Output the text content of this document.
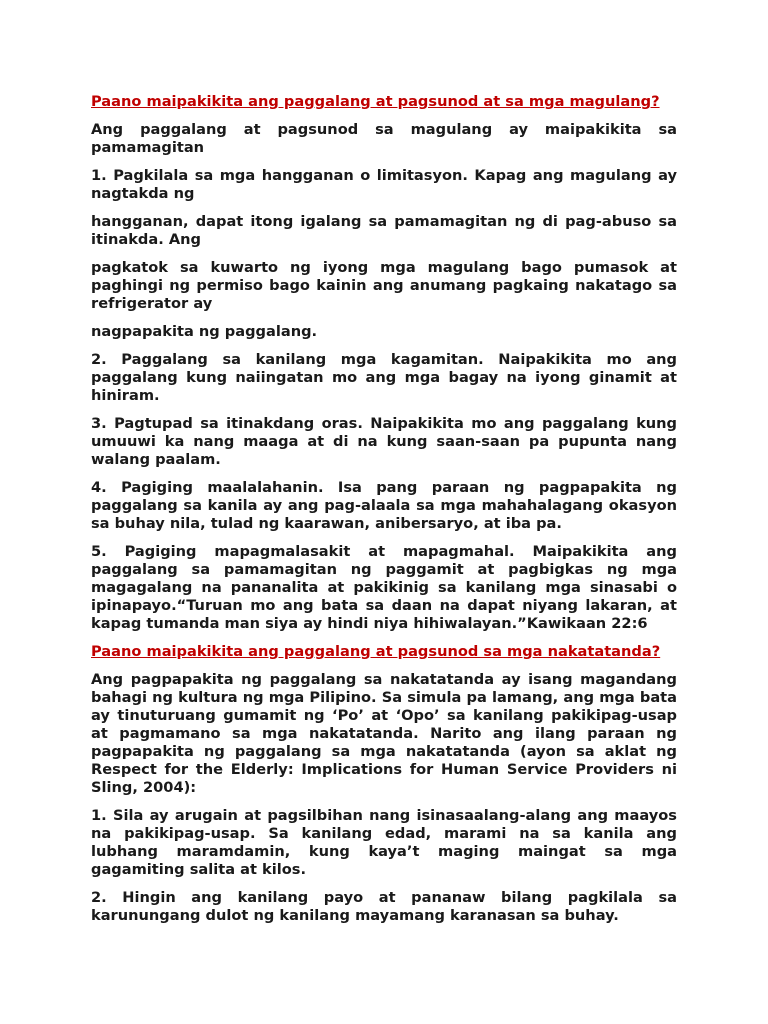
Paano maipakikita ang paggalang at pagsunod at sa mga magulang?

Ang paggalang at pagsunod sa magulang ay maipakikita sa pamamagitan

1. Pagkilala sa mga hangganan o limitasyon. Kapag ang magulang ay nagtakda ng

hangganan, dapat itong igalang sa pamamagitan ng di pag-abuso sa itinakda. Ang

pagkatok sa kuwarto ng iyong mga magulang bago pumasok at paghingi ng permiso bago kainin ang anumang pagkaing nakatago sa refrigerator ay

nagpapakita ng paggalang.

2. Paggalang sa kanilang mga kagamitan. Naipakikita mo ang paggalang kung naiingatan mo ang mga bagay na iyong ginamit at hiniram.

3. Pagtupad sa itinakdang oras. Naipakikita mo ang paggalang kung umuuwi ka nang maaga at di na kung saan-saan pa pupunta nang walang paalam.

4. Pagiging maalalahanin. Isa pang paraan ng pagpapakita ng paggalang sa kanila ay ang pag-alaala sa mga mahahalagang okasyon sa buhay nila, tulad ng kaarawan, anibersaryo, at iba pa.

5. Pagiging mapagmalasakit at mapagmahal. Maipakikita ang paggalang sa pamamagitan ng paggamit at pagbigkas ng mga magagalang na pananalita at pakikinig sa kanilang mga sinasabi o ipinapayo.“Turuan mo ang bata sa daan na dapat niyang lakaran, at kapag tumanda man siya ay hindi niya hihiwalayan.”Kawikaan 22:6

Paano maipakikita ang paggalang at pagsunod sa mga nakatatanda?

Ang pagpapakita ng paggalang sa nakatatanda ay isang magandang bahagi ng kultura ng mga Pilipino. Sa simula pa lamang, ang mga bata ay tinuturuang gumamit ng ‘Po’ at ‘Opo’ sa kanilang pakikipag-usap at pagmamano sa mga nakatatanda. Narito ang ilang paraan ng pagpapakita ng paggalang sa mga nakatatanda (ayon sa aklat ng Respect for the Elderly: Implications for Human Service Providers ni Sling, 2004):

1. Sila ay arugain at pagsilbihan nang isinasaalang-alang ang maayos na pakikipag-usap. Sa kanilang edad, marami na sa kanila ang lubhang maramdamin, kung kaya’t maging maingat sa mga gagamiting salita at kilos.

2. Hingin ang kanilang payo at pananaw bilang pagkilala sa karunungang dulot ng kanilang mayamang karanasan sa buhay.
